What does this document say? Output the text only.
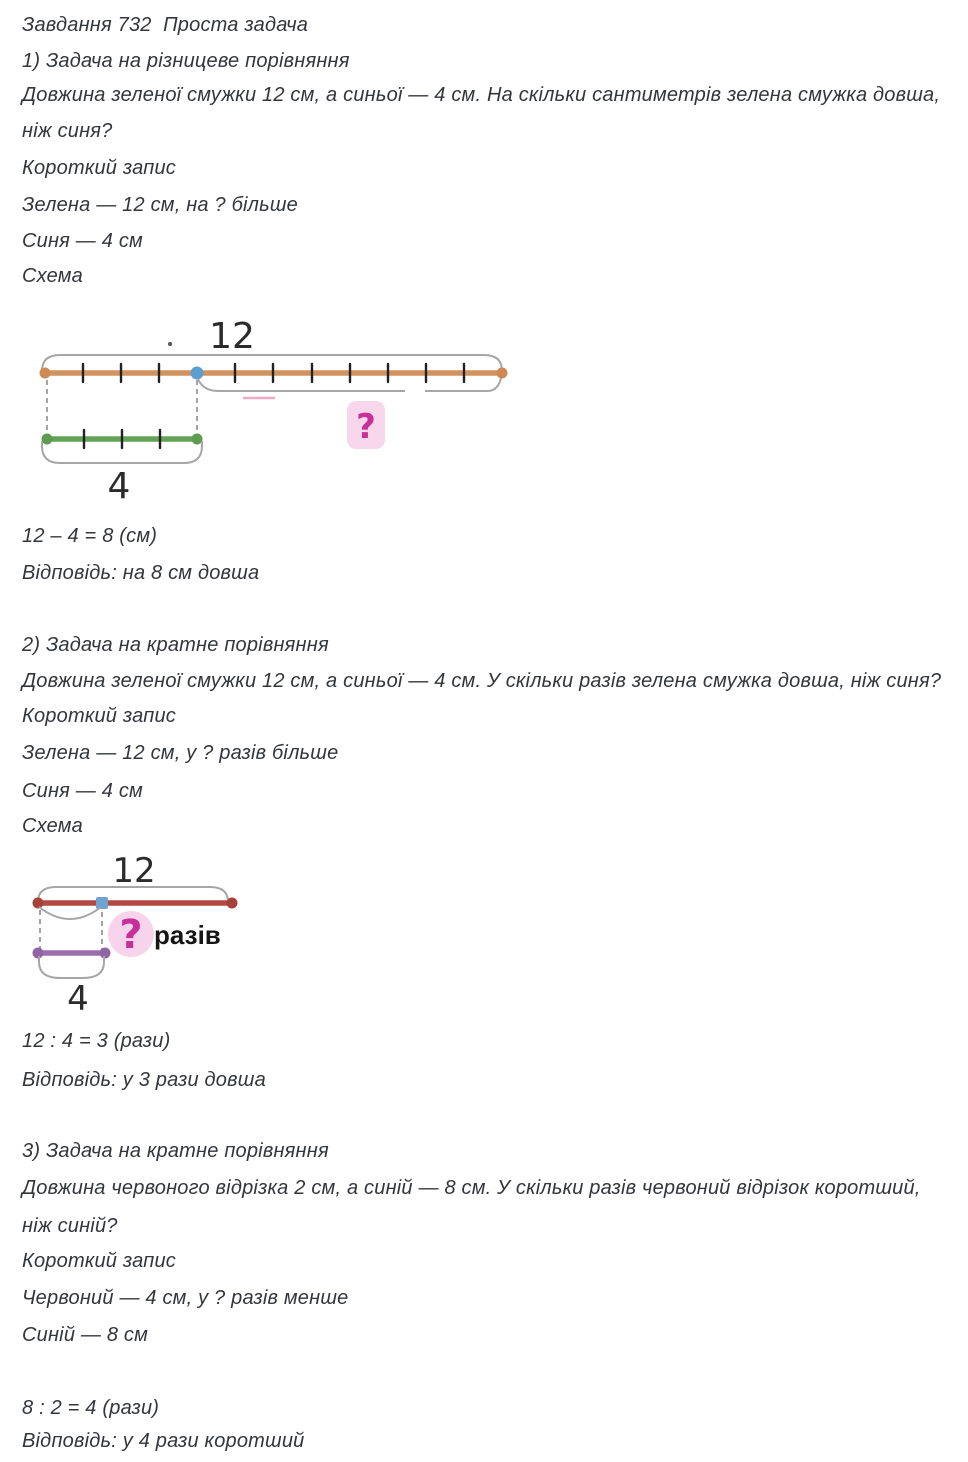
Завдання 732  Проста задача
1) Задача на різницеве порівняння
Довжина зеленої смужки 12 см, а синьої — 4 см. На скільки сантиметрів зелена смужка довша,
ніж синя?
Короткий запис
Зелена — 12 см, на ? більше
Синя — 4 см
Схема
12
4
?
12 – 4 = 8 (см)
Відповідь: на 8 см довша
2) Задача на кратне порівняння
Довжина зеленої смужки 12 см, а синьої — 4 см. У скільки разів зелена смужка довша, ніж синя?
Короткий запис
Зелена — 12 см, у ? разів більше
Синя — 4 см
Схема
12
4
? разів
12 : 4 = 3 (рази)
Відповідь: у 3 рази довша
3) Задача на кратне порівняння
Довжина червоного відрізка 2 см, а синій — 8 см. У скільки разів червоний відрізок коротший,
ніж синій?
Короткий запис
Червоний — 4 см, у ? разів менше
Синій — 8 см
8 : 2 = 4 (рази)
Відповідь: у 4 рази коротший
